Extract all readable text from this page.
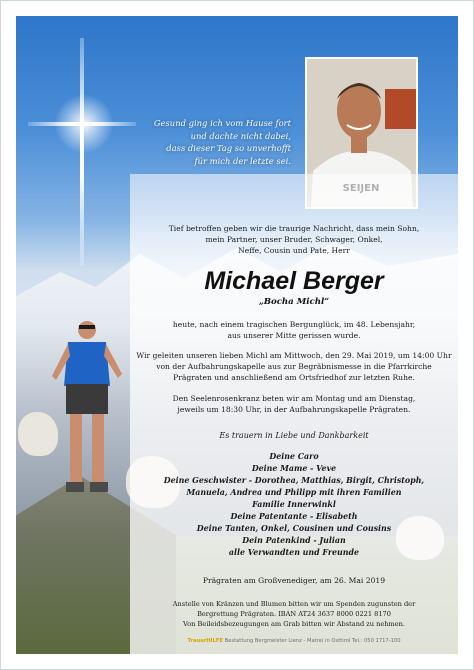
Gesund ging ich vom Hause fort
und dachte nicht dabei,
dass dieser Tag so unverhofft
für mich der letzte sei.
Tief betroffen geben wir die traurige Nachricht, dass mein Sohn,
mein Partner, unser Bruder, Schwager, Onkel,
Neffe, Cousin und Pate, Herr
Michael Berger
„Bocha Michl“
heute, nach einem tragischen Bergunglück, im 48. Lebensjahr,
aus unserer Mitte gerissen wurde.
Wir geleiten unseren lieben Michl am Mittwoch, den 29. Mai 2019, um 14:00 Uhr
von der Aufbahrungskapelle aus zur Begräbnismesse in die Pfarrkirche
Prägraten und anschließend am Ortsfriedhof zur letzten Ruhe.
Den Seelenrosenkranz beten wir am Montag und am Dienstag,
jeweils um 18:30 Uhr, in der Aufbahrungskapelle Prägraten.
Es trauern in Liebe und Dankbarkeit
Deine Caro
Deine Mame - Veve
Deine Geschwister - Dorothea, Matthias, Birgit, Christoph,
Manuela, Andrea und Philipp mit ihren Familien
Familie Innerwinkl
Deine Patentante - Elisabeth
Deine Tanten, Onkel, Cousinen und Cousins
Dein Patenkind - Julian
alle Verwandten und Freunde
Prägraten am Großvenediger, am 26. Mai 2019
Anstelle von Kränzen und Blumen bitten wir um Spenden zugunsten der
Bergrettung Prägraten. IBAN AT24 3637 8000 0221 8170
Von Beileidsbezeugungen am Grab bitten wir Abstand zu nehmen.
TrauerHILFE Bestattung Bergmeister Lienz - Matrei in Osttirol Tel.: 050 1717-100
